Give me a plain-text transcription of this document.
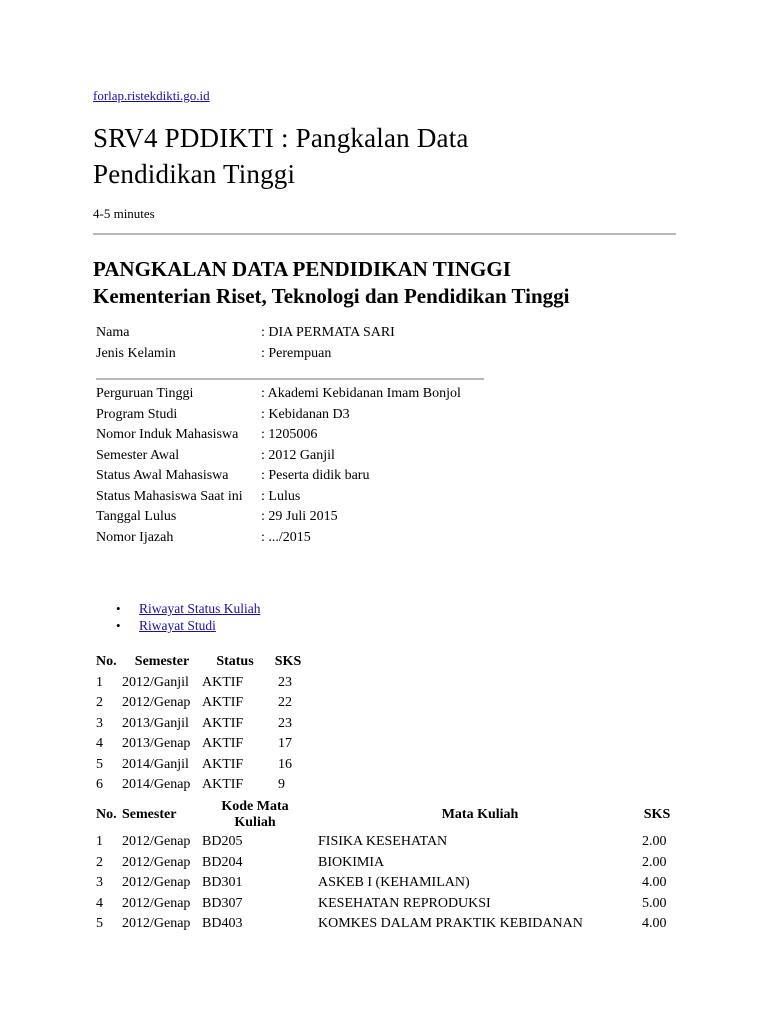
forlap.ristekdikti.go.id
SRV4 PDDIKTI : Pangkalan Data
Pendidikan Tinggi
4-5 minutes
PANGKALAN DATA PENDIDIKAN TINGGI
Kementerian Riset, Teknologi dan Pendidikan Tinggi
Nama	: DIA PERMATA SARI
Jenis Kelamin	: Perempuan
Perguruan Tinggi	: Akademi Kebidanan Imam Bonjol
Program Studi	: Kebidanan D3
Nomor Induk Mahasiswa	: 1205006
Semester Awal	: 2012 Ganjil
Status Awal Mahasiswa	: Peserta didik baru
Status Mahasiswa Saat ini	: Lulus
Tanggal Lulus	: 29 Juli 2015
Nomor Ijazah	: .../2015
• Riwayat Status Kuliah
• Riwayat Studi
No.	Semester	Status	SKS
1	2012/Ganjil	AKTIF	23
2	2012/Genap	AKTIF	22
3	2013/Ganjil	AKTIF	23
4	2013/Genap	AKTIF	17
5	2014/Ganjil	AKTIF	16
6	2014/Genap	AKTIF	9
No.	Semester	Kode Mata Kuliah	Mata Kuliah	SKS
1	2012/Genap	BD205	FISIKA KESEHATAN	2.00
2	2012/Genap	BD204	BIOKIMIA	2.00
3	2012/Genap	BD301	ASKEB I (KEHAMILAN)	4.00
4	2012/Genap	BD307	KESEHATAN REPRODUKSI	5.00
5	2012/Genap	BD403	KOMKES DALAM PRAKTIK KEBIDANAN	4.00
